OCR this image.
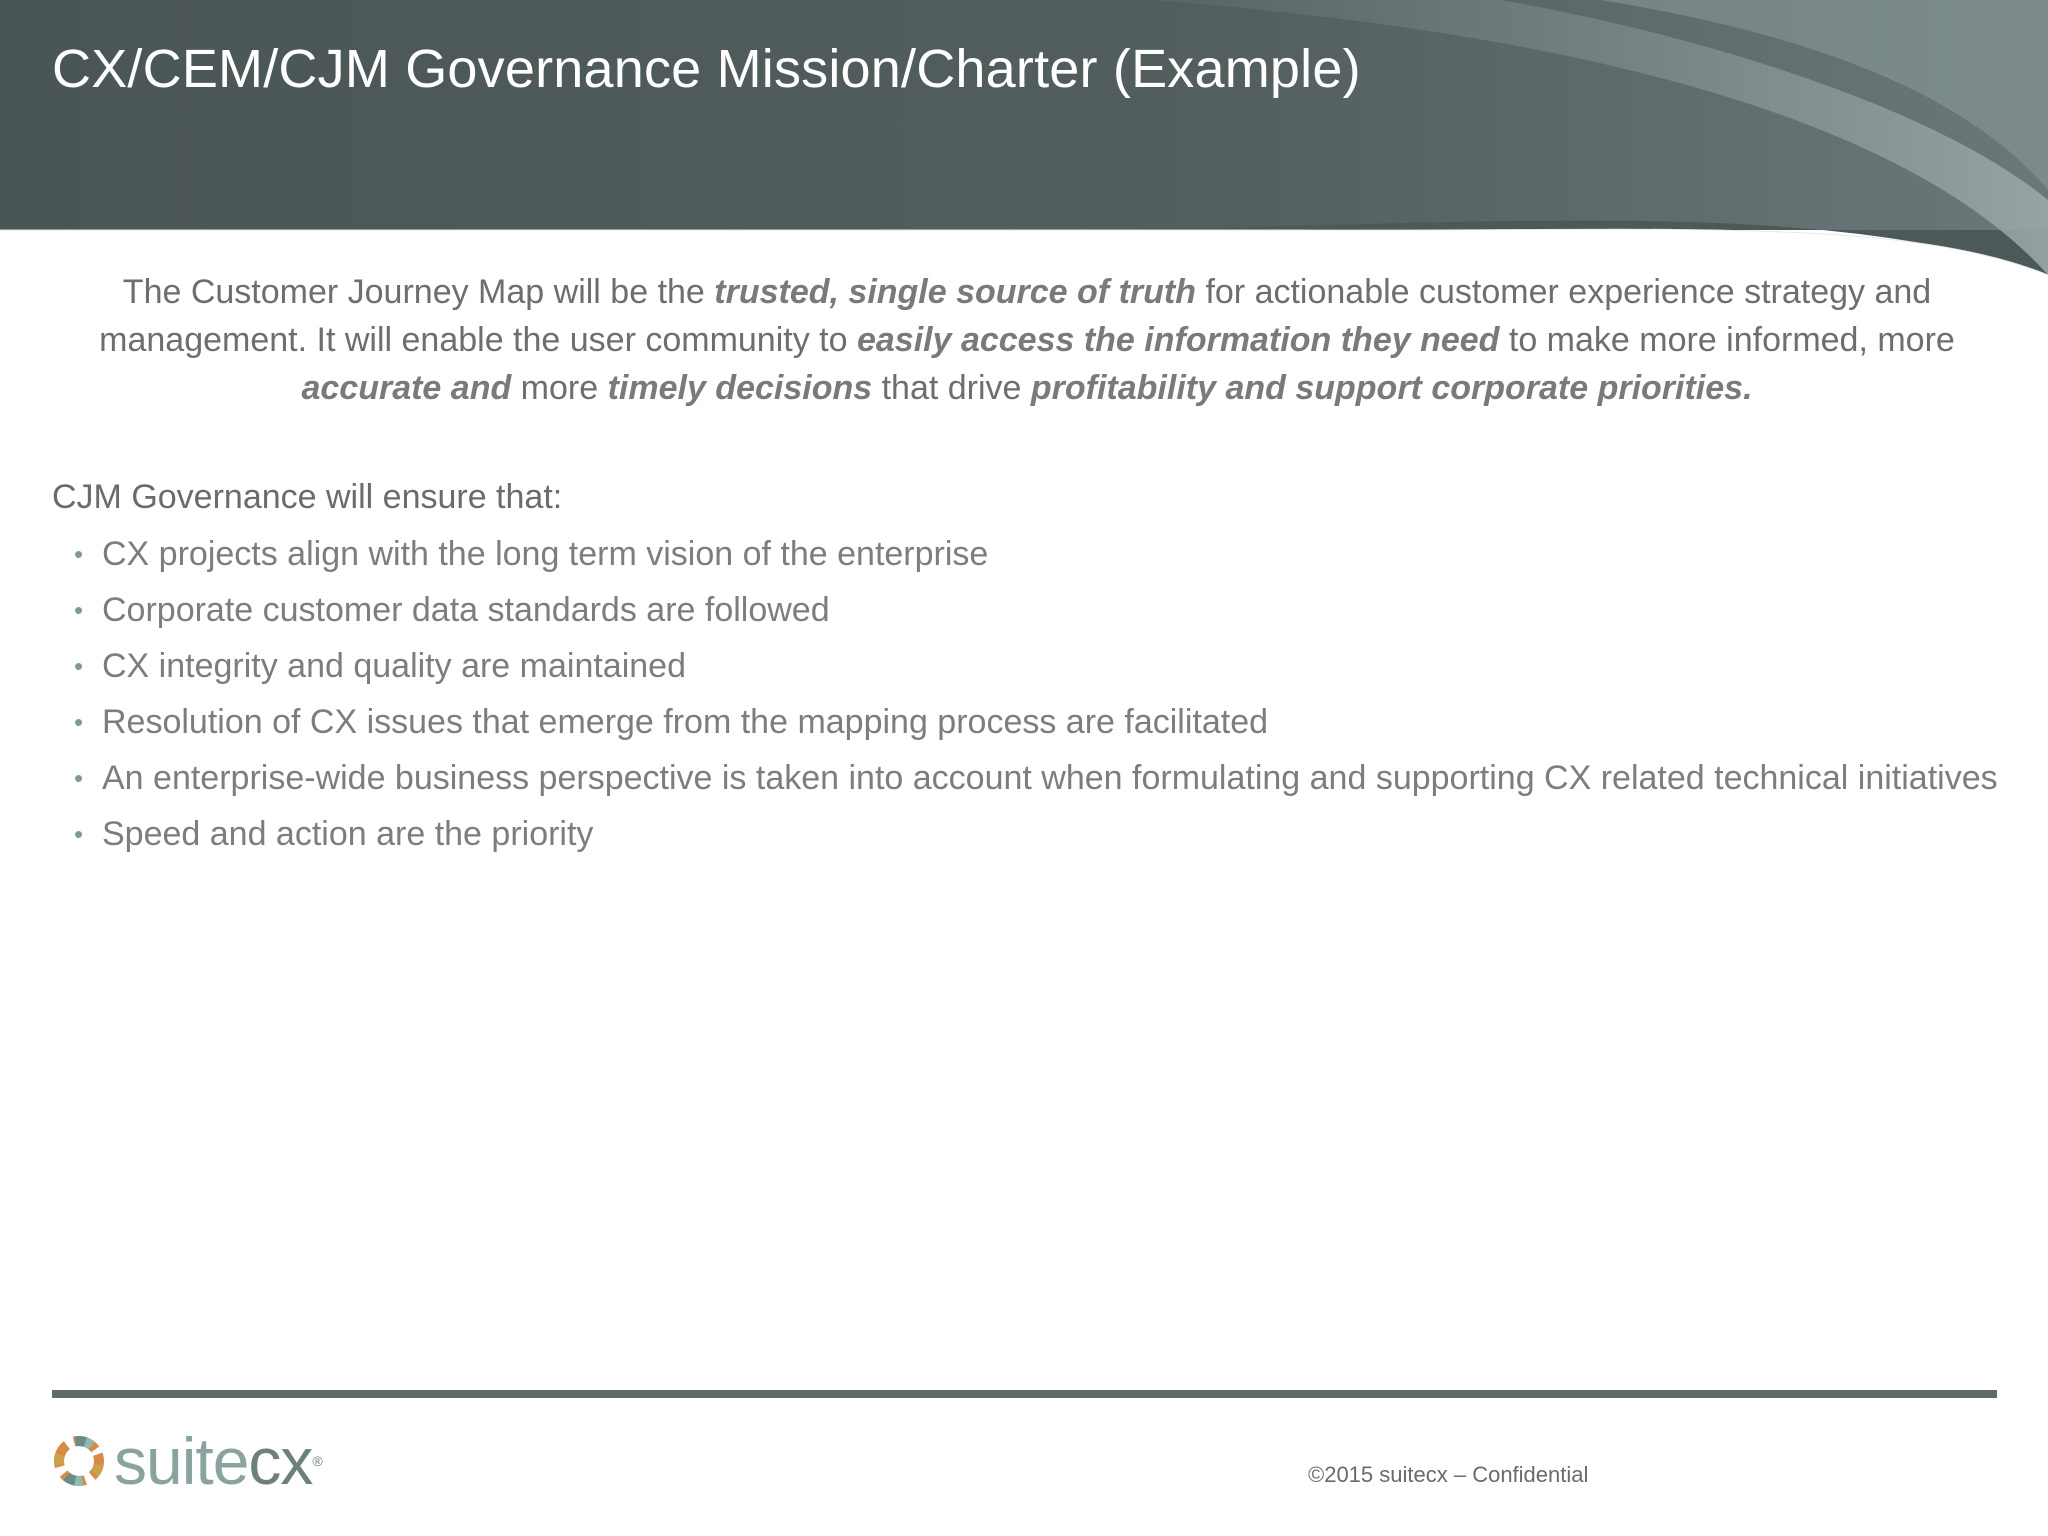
CX/CEM/CJM Governance Mission/Charter (Example)

The Customer Journey Map will be the trusted, single source of truth for actionable customer experience strategy and management. It will enable the user community to easily access the information they need to make more informed, more accurate and more timely decisions that drive profitability and support corporate priorities.

CJM Governance will ensure that:
• CX projects align with the long term vision of the enterprise
• Corporate customer data standards are followed
• CX integrity and quality are maintained
• Resolution of CX issues that emerge from the mapping process are facilitated
• An enterprise-wide business perspective is taken into account when formulating and supporting CX related technical initiatives
• Speed and action are the priority
suitecx®
©2015 suitecx – Confidential
